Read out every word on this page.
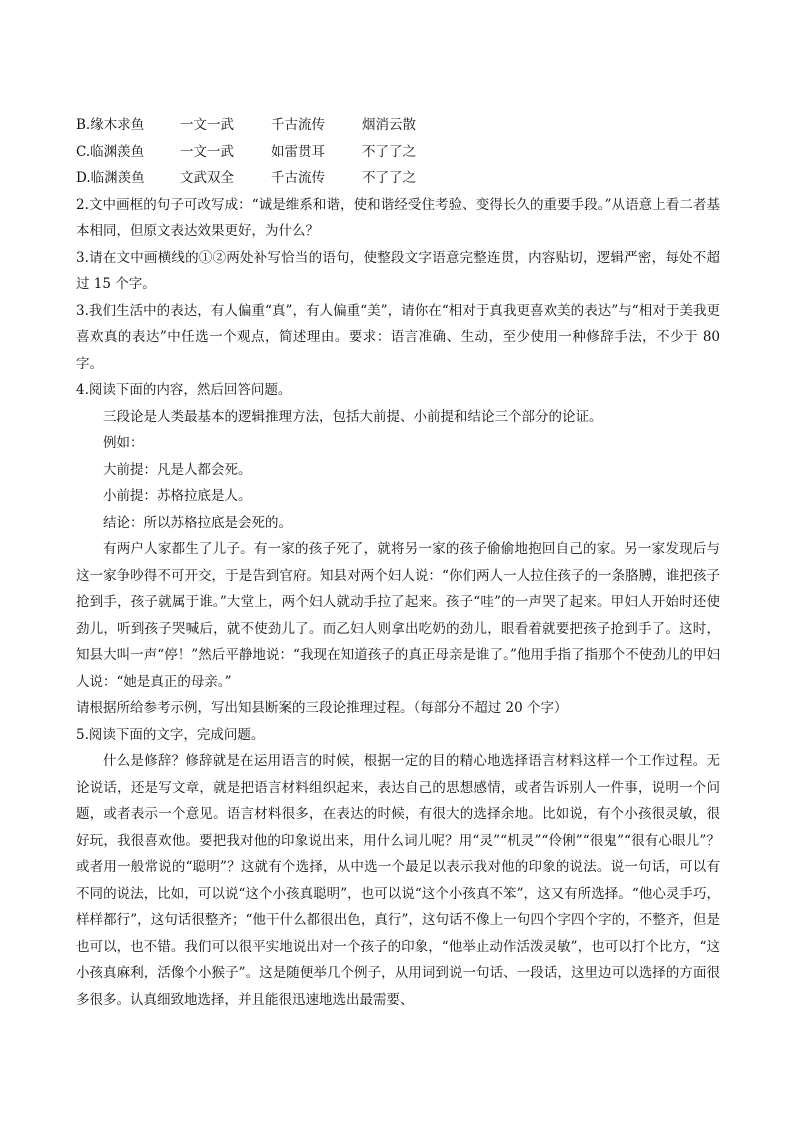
B.缘木求鱼	一文一武	千古流传	烟消云散
C.临渊羡鱼	一文一武	如雷贯耳	不了了之
D.临渊羡鱼	文武双全	千古流传	不了了之

2.文中画框的句子可改写成：“诚是维系和谐，使和谐经受住考验、变得长久的重要手段。”从语意上看二者基本相同，但原文表达效果更好，为什么？

3.请在文中画横线的①②两处补写恰当的语句，使整段文字语意完整连贯，内容贴切，逻辑严密，每处不超过 15 个字。

3.我们生活中的表达，有人偏重“真”，有人偏重“美”，请你在“相对于真我更喜欢美的表达”与“相对于美我更喜欢真的表达”中任选一个观点，简述理由。要求：语言准确、生动，至少使用一种修辞手法，不少于 80 字。

4.阅读下面的内容，然后回答问题。

三段论是人类最基本的逻辑推理方法，包括大前提、小前提和结论三个部分的论证。

例如：

大前提：凡是人都会死。

小前提：苏格拉底是人。

结论：所以苏格拉底是会死的。

有两户人家都生了儿子。有一家的孩子死了，就将另一家的孩子偷偷地抱回自己的家。另一家发现后与这一家争吵得不可开交，于是告到官府。知县对两个妇人说：“你们两人一人拉住孩子的一条胳膊，谁把孩子抢到手，孩子就属于谁。”大堂上，两个妇人就动手拉了起来。孩子“哇”的一声哭了起来。甲妇人开始时还使劲儿，听到孩子哭喊后，就不使劲儿了。而乙妇人则拿出吃奶的劲儿，眼看着就要把孩子抢到手了。这时，知县大叫一声“停！”然后平静地说：“我现在知道孩子的真正母亲是谁了。”他用手指了指那个不使劲儿的甲妇人说：“她是真正的母亲。”

请根据所给参考示例，写出知县断案的三段论推理过程。（每部分不超过 20 个字）

5.阅读下面的文字，完成问题。

什么是修辞？修辞就是在运用语言的时候，根据一定的目的精心地选择语言材料这样一个工作过程。无论说话，还是写文章，就是把语言材料组织起来，表达自己的思想感情，或者告诉别人一件事，说明一个问题，或者表示一个意见。语言材料很多，在表达的时候，有很大的选择余地。比如说，有个小孩很灵敏，很好玩，我很喜欢他。要把我对他的印象说出来，用什么词儿呢？用“灵”“机灵”“伶俐”“很鬼”“很有心眼儿”？或者用一般常说的“聪明”？这就有个选择，从中选一个最足以表示我对他的印象的说法。说一句话，可以有不同的说法，比如，可以说“这个小孩真聪明”，也可以说“这个小孩真不笨”，这又有所选择。“他心灵手巧，样样都行”，这句话很整齐；“他干什么都很出色，真行”，这句话不像上一句四个字四个字的，不整齐，但是也可以，也不错。我们可以很平实地说出对一个孩子的印象，“他举止动作活泼灵敏”，也可以打个比方，“这小孩真麻利，活像个小猴子”。这是随便举几个例子，从用词到说一句话、一段话，这里边可以选择的方面很多很多。认真细致地选择，并且能很迅速地选出最需要、
